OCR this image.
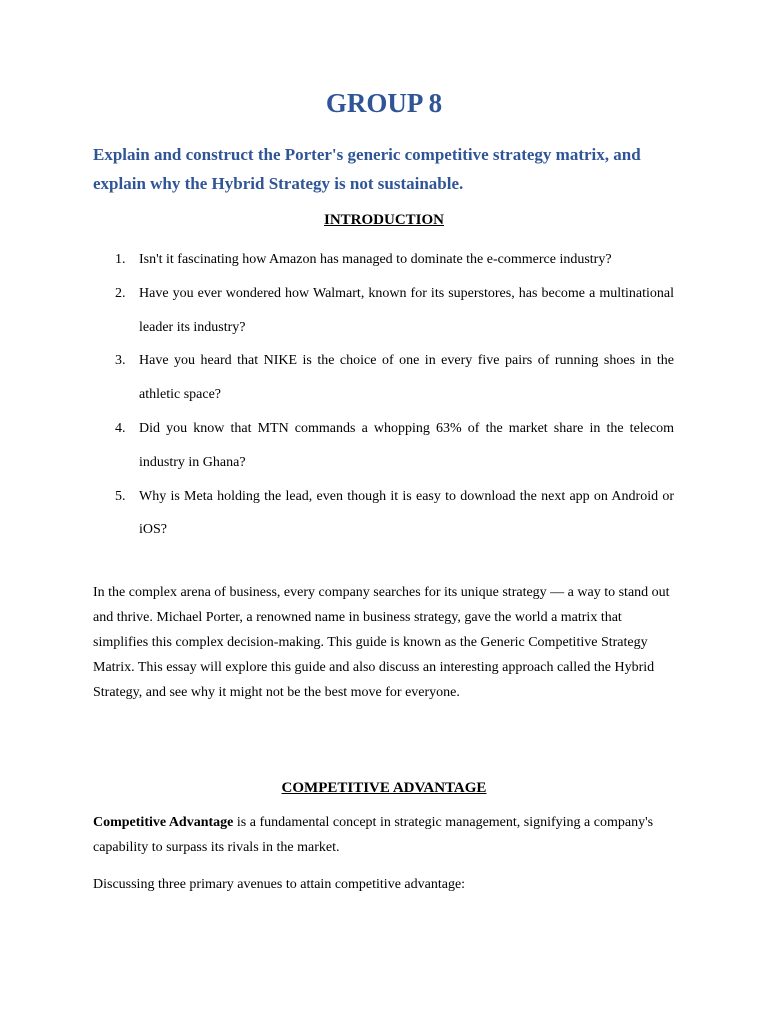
GROUP 8
Explain and construct the Porter's generic competitive strategy matrix, and explain why the Hybrid Strategy is not sustainable.
INTRODUCTION
1. Isn't it fascinating how Amazon has managed to dominate the e-commerce industry?
2. Have you ever wondered how Walmart, known for its superstores, has become a multinational leader its industry?
3. Have you heard that NIKE is the choice of one in every five pairs of running shoes in the athletic space?
4. Did you know that MTN commands a whopping 63% of the market share in the telecom industry in Ghana?
5. Why is Meta holding the lead, even though it is easy to download the next app on Android or iOS?

In the complex arena of business, every company searches for its unique strategy — a way to stand out and thrive. Michael Porter, a renowned name in business strategy, gave the world a matrix that simplifies this complex decision-making. This guide is known as the Generic Competitive Strategy Matrix. This essay will explore this guide and also discuss an interesting approach called the Hybrid Strategy, and see why it might not be the best move for everyone.

COMPETITIVE ADVANTAGE

Competitive Advantage is a fundamental concept in strategic management, signifying a company's capability to surpass its rivals in the market.

Discussing three primary avenues to attain competitive advantage:
